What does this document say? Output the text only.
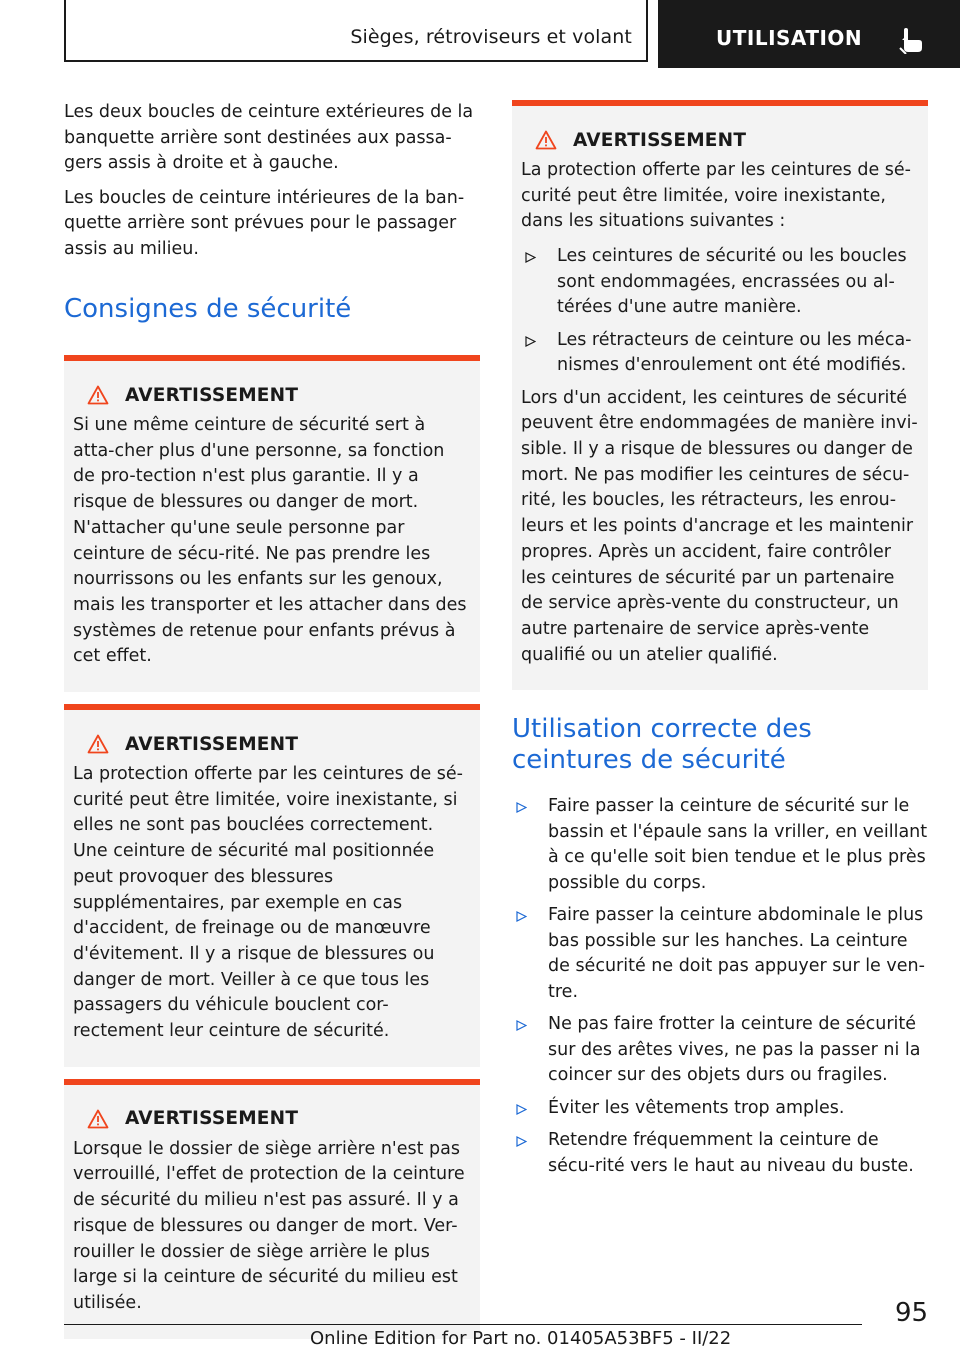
Sièges, rétroviseurs et volant	UTILISATION

Les deux boucles de ceinture extérieures de la banquette arrière sont destinées aux passa-gers assis à droite et à gauche.

Les boucles de ceinture intérieures de la ban-quette arrière sont prévues pour le passager assis au milieu.

Consignes de sécurité
AVERTISSEMENT

Si une même ceinture de sécurité sert à atta-cher plus d'une personne, sa fonction de pro-tection n'est plus garantie. Il y a risque de blessures ou danger de mort. N'attacher qu'une seule personne par ceinture de sécu-rité. Ne pas prendre les nourrissons ou les enfants sur les genoux, mais les transporter et les attacher dans des systèmes de retenue pour enfants prévus à cet effet.

AVERTISSEMENT

La protection offerte par les ceintures de sé-curité peut être limitée, voire inexistante, si elles ne sont pas bouclées correctement. Une ceinture de sécurité mal positionnée peut provoquer des blessures supplémentaires, par exemple en cas d'accident, de freinage ou de manœuvre d'évitement. Il y a risque de blessures ou danger de mort. Veiller à ce que tous les passagers du véhicule bouclent cor-rectement leur ceinture de sécurité.

AVERTISSEMENT

Lorsque le dossier de siège arrière n'est pas verrouillé, l'effet de protection de la ceinture de sécurité du milieu n'est pas assuré. Il y a risque de blessures ou danger de mort. Ver-rouiller le dossier de siège arrière le plus large si la ceinture de sécurité du milieu est utilisée.

AVERTISSEMENT

La protection offerte par les ceintures de sé-curité peut être limitée, voire inexistante, dans les situations suivantes :

Les ceintures de sécurité ou les boucles sont endommagées, encrassées ou al-térées d'une autre manière.
Les rétracteurs de ceinture ou les méca-nismes d'enroulement ont été modifiés.

Lors d'un accident, les ceintures de sécurité peuvent être endommagées de manière invi-sible. Il y a risque de blessures ou danger de mort. Ne pas modifier les ceintures de sécu-rité, les boucles, les rétracteurs, les enrou-leurs et les points d'ancrage et les maintenir propres. Après un accident, faire contrôler les ceintures de sécurité par un partenaire de service après-vente du constructeur, un autre partenaire de service après-vente qualifié ou un atelier qualifié.

Utilisation correcte des ceintures de sécurité
Faire passer la ceinture de sécurité sur le bassin et l'épaule sans la vriller, en veillant à ce qu'elle soit bien tendue et le plus près possible du corps.
Faire passer la ceinture abdominale le plus bas possible sur les hanches. La ceinture de sécurité ne doit pas appuyer sur le ven-tre.
Ne pas faire frotter la ceinture de sécurité sur des arêtes vives, ne pas la passer ni la coincer sur des objets durs ou fragiles.
Éviter les vêtements trop amples.
Retendre fréquemment la ceinture de sécu-rité vers le haut au niveau du buste.
95
Online Edition for Part no. 01405A53BF5 - II/22
